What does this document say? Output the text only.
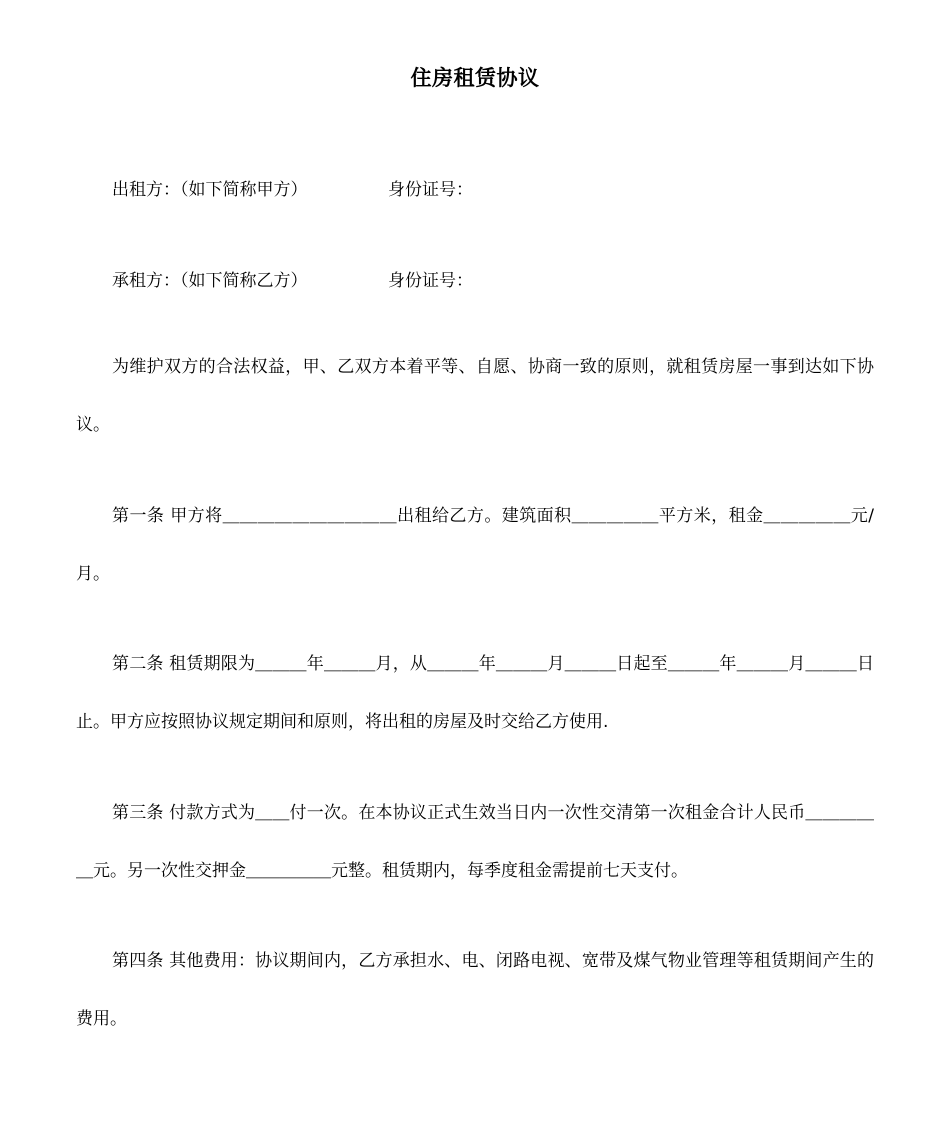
住房租赁协议
出租方：（如下简称甲方）	身份证号：
承租方：（如下简称乙方）	身份证号：

为维护双方的合法权益，甲、乙双方本着平等、自愿、协商一致的原则，就租赁房屋一事到达如下协议。

第一条 甲方将＿＿＿＿＿＿＿＿＿＿出租给乙方。建筑面积＿＿＿＿＿平方米，租金＿＿＿＿＿元/月。

第二条 租赁期限为＿＿＿年＿＿＿月，从＿＿＿年＿＿＿月＿＿＿日起至＿＿＿年＿＿＿月＿＿＿日止。甲方应按照协议规定期间和原则，将出租的房屋及时交给乙方使用.

第三条 付款方式为＿＿付一次。在本协议正式生效当日内一次性交清第一次租金合计人民币＿＿＿＿＿元。另一次性交押金＿＿＿＿＿元整。租赁期内，每季度租金需提前七天支付。

第四条 其他费用：协议期间内，乙方承担水、电、闭路电视、宽带及煤气物业管理等租赁期间产生的费用。
